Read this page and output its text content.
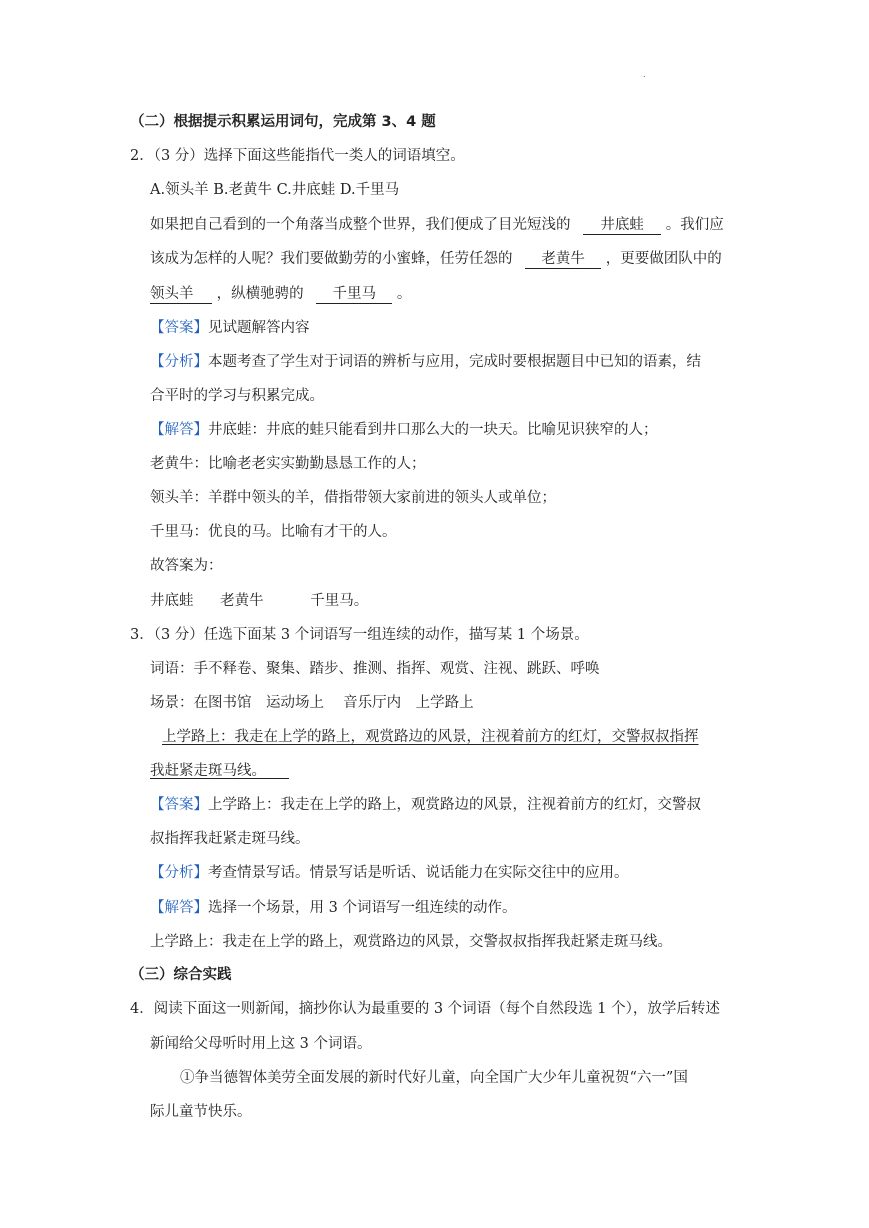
.
（二）根据提示积累运用词句，完成第 3、4 题
2．（3 分）选择下面这些能指代一类人的词语填空。
A.领头羊 B.老黄牛 C.井底蛙 D.千里马
如果把自己看到的一个角落当成整个世界，我们便成了目光短浅的 井底蛙 。我们应
该成为怎样的人呢？我们要做勤劳的小蜜蜂，任劳任怨的 老黄牛 ，更要做团队中的
领头羊 ，纵横驰骋的 千里马 。
【答案】见试题解答内容
【分析】本题考查了学生对于词语的辨析与应用，完成时要根据题目中已知的语素，结
合平时的学习与积累完成。
【解答】井底蛙：井底的蛙只能看到井口那么大的一块天。比喻见识狭窄的人；
老黄牛：比喻老老实实勤勤恳恳工作的人；
领头羊：羊群中领头的羊，借指带领大家前进的领头人或单位；
千里马：优良的马。比喻有才干的人。
故答案为：
井底蛙 老黄牛	千里马。
3．（3 分）任选下面某 3 个词语写一组连续的动作，描写某 1 个场景。
词语：手不释卷、聚集、踏步、推测、指挥、观赏、注视、跳跃、呼唤
场景：在图书馆　运动场上　 音乐厅内　上学路上
上学路上：我走在上学的路上，观赏路边的风景，注视着前方的红灯，交警叔叔指挥
我赶紧走斑马线。
【答案】上学路上：我走在上学的路上，观赏路边的风景，注视着前方的红灯，交警叔
叔指挥我赶紧走斑马线。
【分析】考查情景写话。情景写话是听话、说话能力在实际交往中的应用。
【解答】选择一个场景，用 3 个词语写一组连续的动作。
上学路上：我走在上学的路上，观赏路边的风景，交警叔叔指挥我赶紧走斑马线。
（三）综合实践
4．阅读下面这一则新闻，摘抄你认为最重要的 3 个词语（每个自然段选 1 个），放学后转述
新闻给父母听时用上这 3 个词语。
①争当德智体美劳全面发展的新时代好儿童，向全国广大少年儿童祝贺“六一”国
际儿童节快乐。
